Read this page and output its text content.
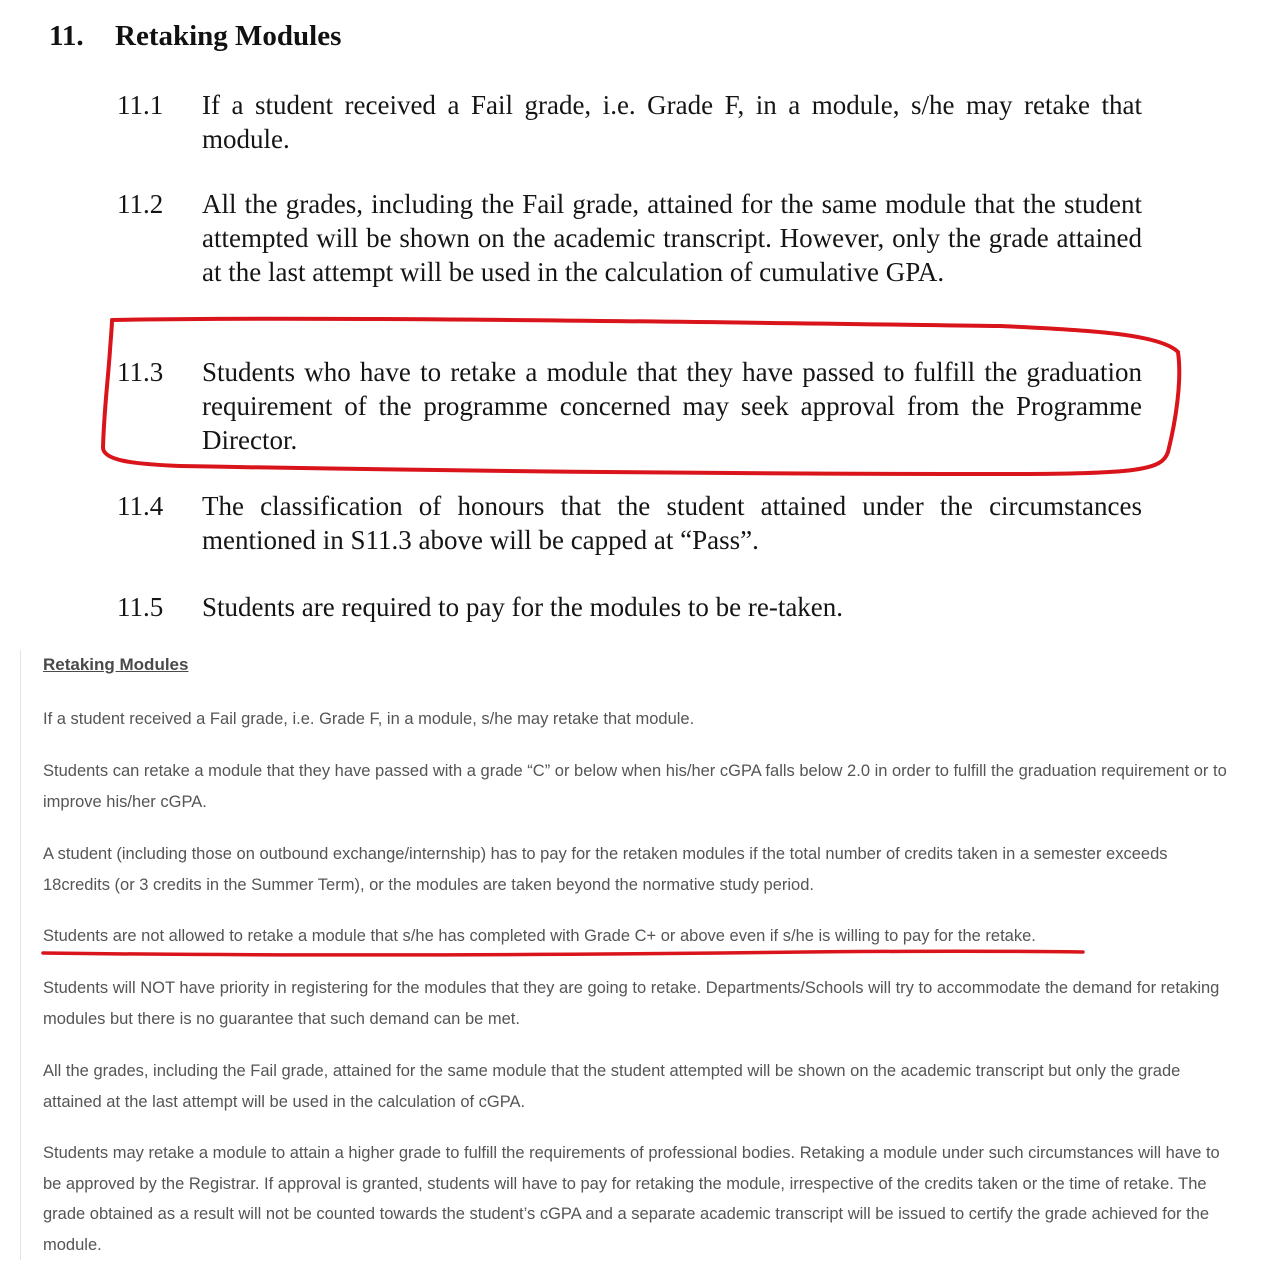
11. Retaking Modules
11.1 If a student received a Fail grade, i.e. Grade F, in a module, s/he may retake that module.

11.2 All the grades, including the Fail grade, attained for the same module that the student attempted will be shown on the academic transcript. However, only the grade attained at the last attempt will be used in the calculation of cumulative GPA.

11.3 Students who have to retake a module that they have passed to fulfill the graduation requirement of the programme concerned may seek approval from the Programme Director.

11.4 The classification of honours that the student attained under the circumstances mentioned in S11.3 above will be capped at “Pass”.

11.5 Students are required to pay for the modules to be re-taken.

Retaking Modules

If a student received a Fail grade, i.e. Grade F, in a module, s/he may retake that module.

Students can retake a module that they have passed with a grade “C” or below when his/her cGPA falls below 2.0 in order to fulfill the graduation requirement or to improve his/her cGPA.

A student (including those on outbound exchange/internship) has to pay for the retaken modules if the total number of credits taken in a semester exceeds 18credits (or 3 credits in the Summer Term), or the modules are taken beyond the normative study period.

Students are not allowed to retake a module that s/he has completed with Grade C+ or above even if s/he is willing to pay for the retake.

Students will NOT have priority in registering for the modules that they are going to retake. Departments/Schools will try to accommodate the demand for retaking modules but there is no guarantee that such demand can be met.

All the grades, including the Fail grade, attained for the same module that the student attempted will be shown on the academic transcript but only the grade attained at the last attempt will be used in the calculation of cGPA.

Students may retake a module to attain a higher grade to fulfill the requirements of professional bodies. Retaking a module under such circumstances will have to be approved by the Registrar. If approval is granted, students will have to pay for retaking the module, irrespective of the credits taken or the time of retake. The grade obtained as a result will not be counted towards the student’s cGPA and a separate academic transcript will be issued to certify the grade achieved for the module.
